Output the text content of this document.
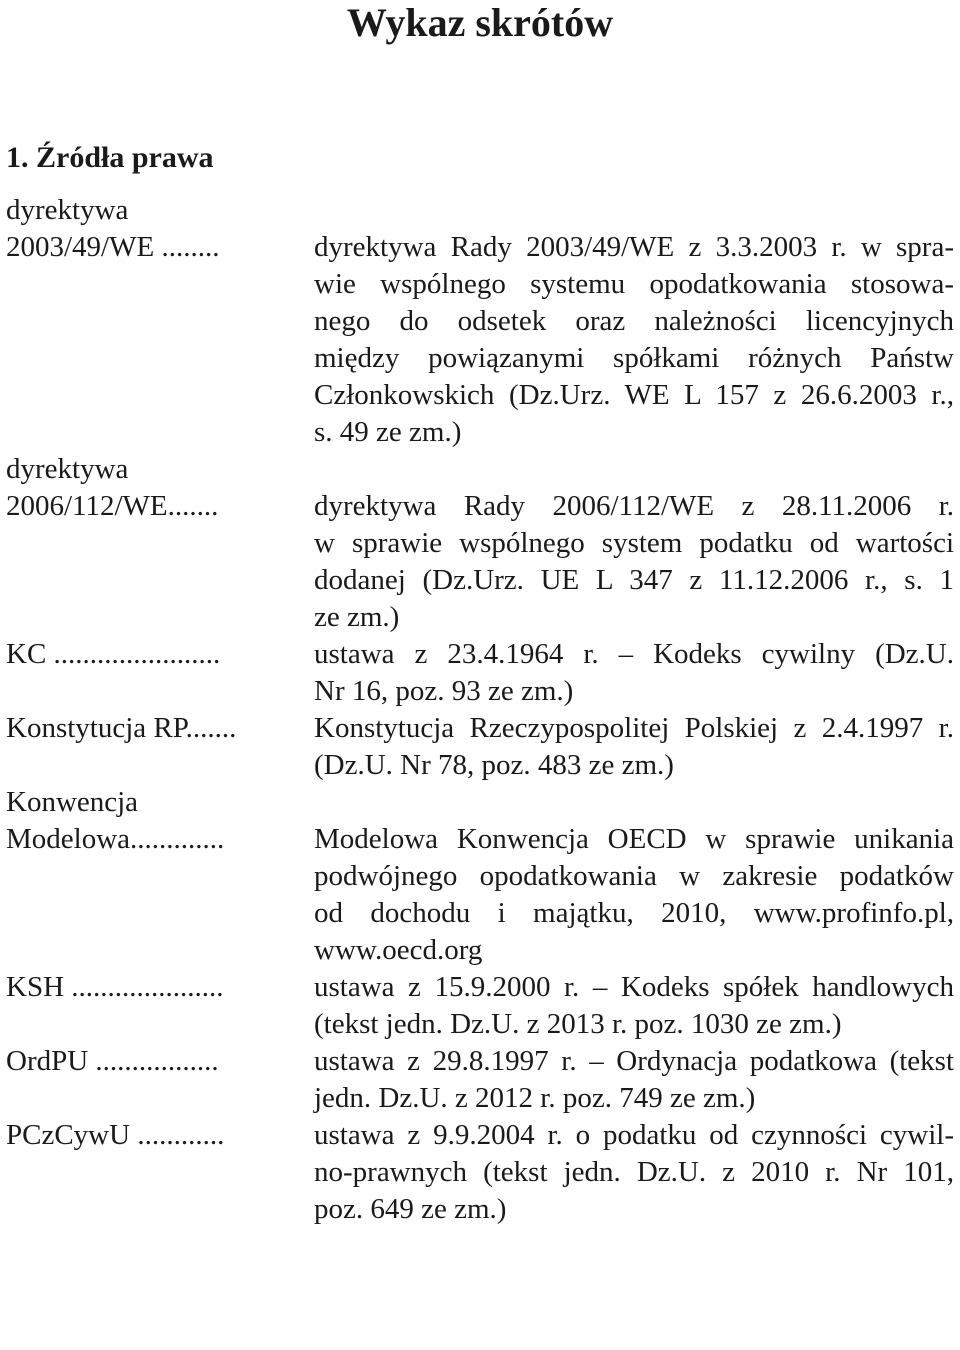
Wykaz skrótów
1. Źródła prawa
dyrektywa
2003/49/WE ........	dyrektywa Rady 2003/49/WE z 3.3.2003 r. w spra-
wie wspólnego systemu opodatkowania stosowa-
nego do odsetek oraz należności licencyjnych
między powiązanymi spółkami różnych Państw
Członkowskich (Dz.Urz. WE L 157 z 26.6.2003 r.,
s. 49 ze zm.)
dyrektywa
2006/112/WE.......	dyrektywa Rady 2006/112/WE z 28.11.2006 r.
w sprawie wspólnego system podatku od wartości
dodanej (Dz.Urz. UE L 347 z 11.12.2006 r., s. 1
ze zm.)
KC .......................	ustawa z 23.4.1964 r. – Kodeks cywilny (Dz.U.
Nr 16, poz. 93 ze zm.)
Konstytucja RP.......	Konstytucja Rzeczypospolitej Polskiej z 2.4.1997 r.
(Dz.U. Nr 78, poz. 483 ze zm.)
Konwencja
Modelowa.............	Modelowa Konwencja OECD w sprawie unikania
podwójnego opodatkowania w zakresie podatków
od dochodu i majątku, 2010, www.profinfo.pl,
www.oecd.org
KSH .....................	ustawa z 15.9.2000 r. – Kodeks spółek handlowych
(tekst jedn. Dz.U. z 2013 r. poz. 1030 ze zm.)
OrdPU .................	ustawa z 29.8.1997 r. – Ordynacja podatkowa (tekst
jedn. Dz.U. z 2012 r. poz. 749 ze zm.)
PCzCywU ............	ustawa z 9.9.2004 r. o podatku od czynności cywil-
no-prawnych (tekst jedn. Dz.U. z 2010 r. Nr 101,
poz. 649 ze zm.)
